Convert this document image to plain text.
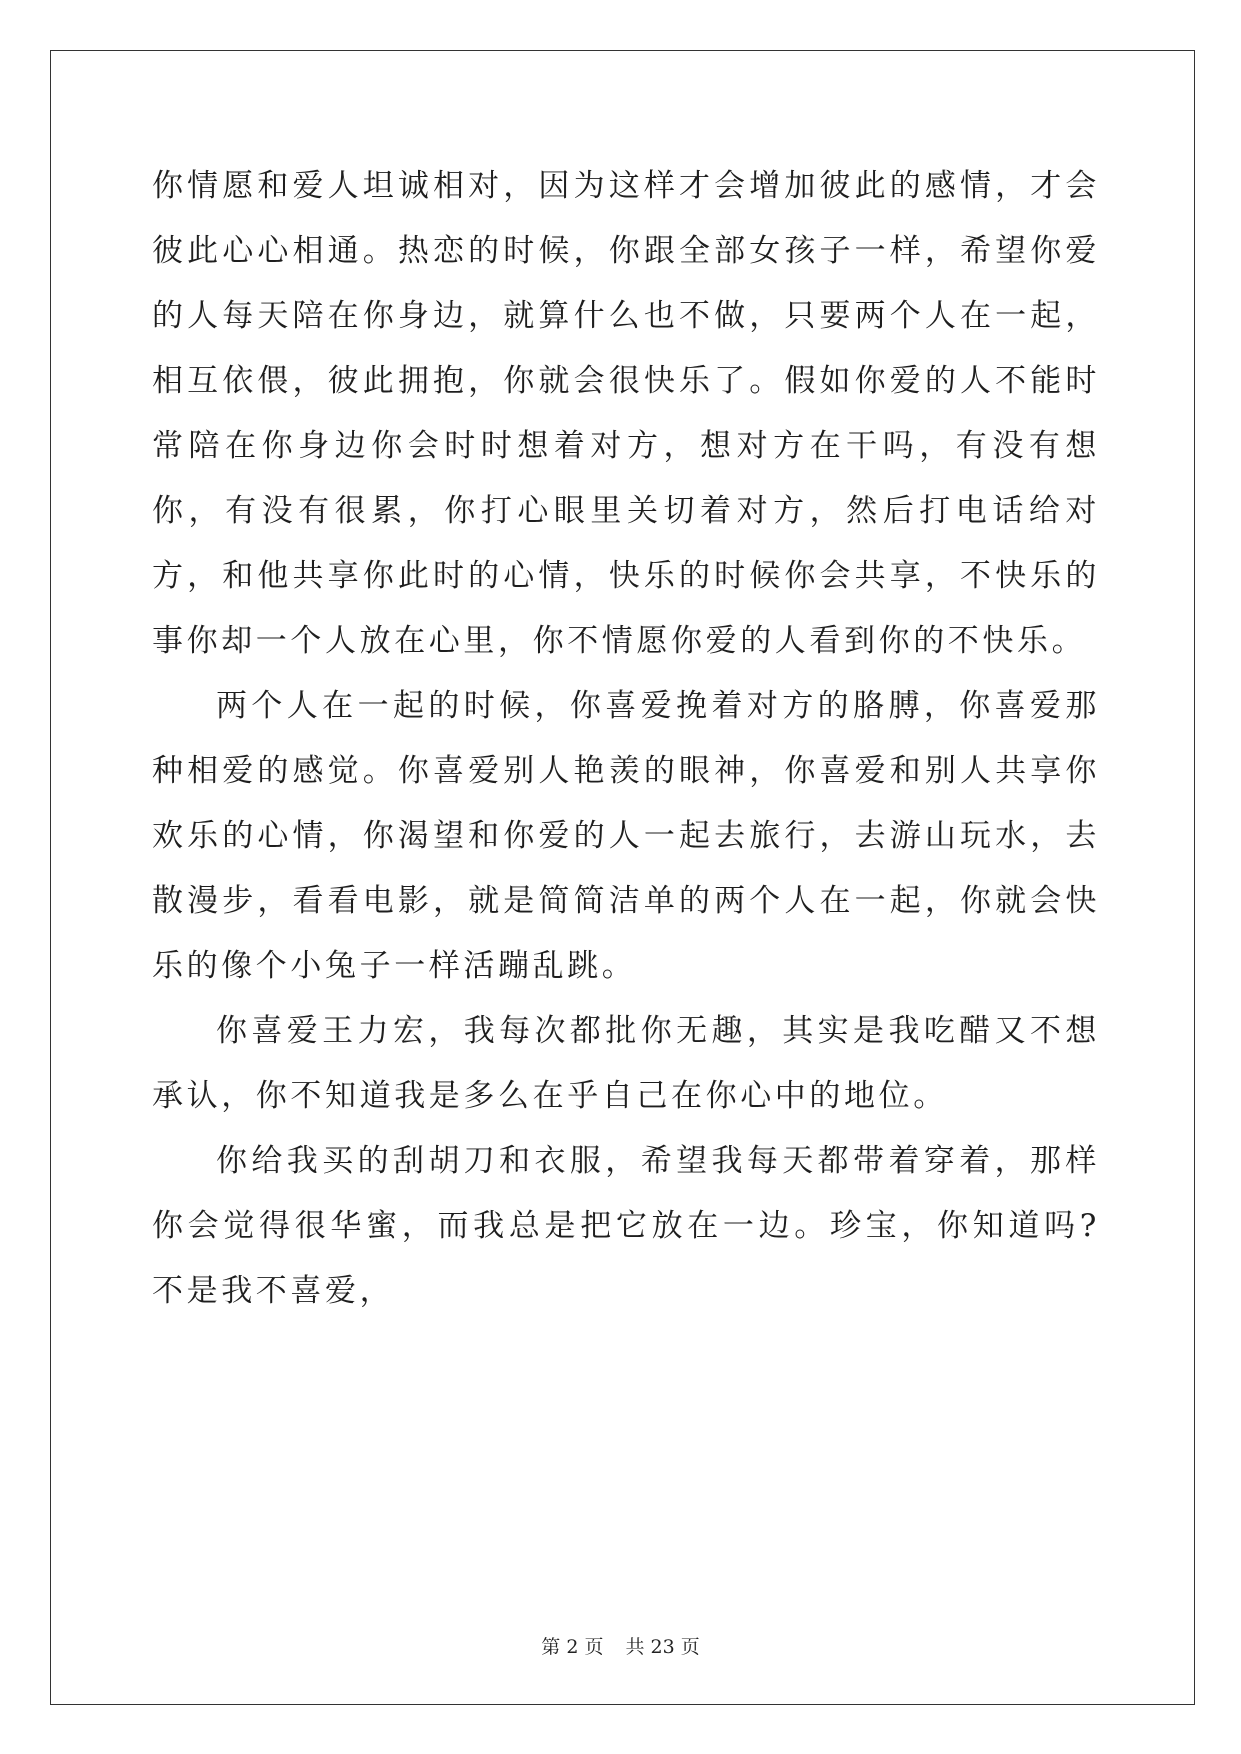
你情愿和爱人坦诚相对，因为这样才会增加彼此的感情，才会彼此心心相通。热恋的时候，你跟全部女孩子一样，希望你爱的人每天陪在你身边，就算什么也不做，只要两个人在一起，相互依偎，彼此拥抱，你就会很快乐了。假如你爱的人不能时常陪在你身边你会时时想着对方，想对方在干吗，有没有想你，有没有很累，你打心眼里关切着对方，然后打电话给对方，和他共享你此时的心情，快乐的时候你会共享，不快乐的事你却一个人放在心里，你不情愿你爱的人看到你的不快乐。

两个人在一起的时候，你喜爱挽着对方的胳膊，你喜爱那种相爱的感觉。你喜爱别人艳羡的眼神，你喜爱和别人共享你欢乐的心情，你渴望和你爱的人一起去旅行，去游山玩水，去散漫步，看看电影，就是简简洁单的两个人在一起，你就会快乐的像个小兔子一样活蹦乱跳。

你喜爱王力宏，我每次都批你无趣，其实是我吃醋又不想承认，你不知道我是多么在乎自己在你心中的地位。

你给我买的刮胡刀和衣服，希望我每天都带着穿着，那样你会觉得很华蜜，而我总是把它放在一边。珍宝，你知道吗?不是我不喜爱，

第 2 页 共 23 页
